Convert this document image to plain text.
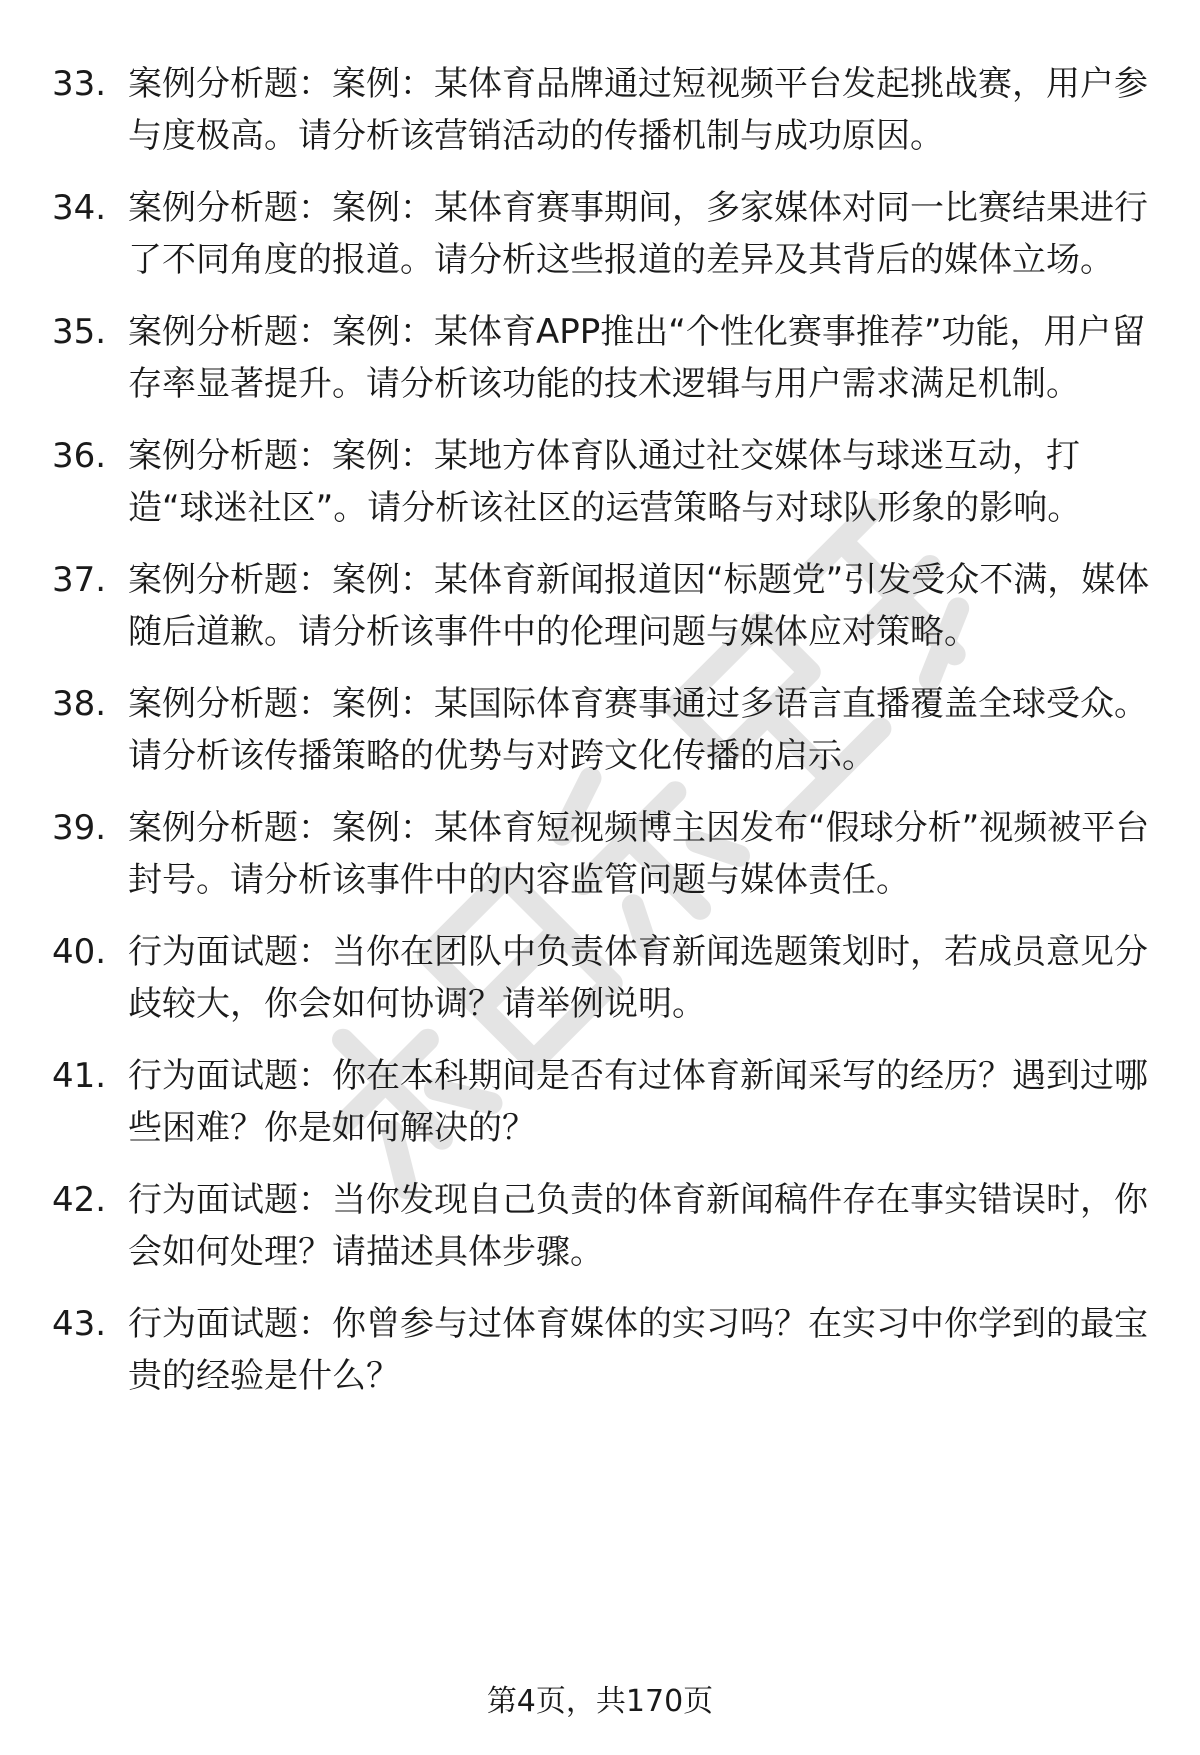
33. 案例分析题：案例：某体育品牌通过短视频平台发起挑战赛，用户参与度极高。请分析该营销活动的传播机制与成功原因。
34. 案例分析题：案例：某体育赛事期间，多家媒体对同一比赛结果进行了不同角度的报道。请分析这些报道的差异及其背后的媒体立场。
35. 案例分析题：案例：某体育APP推出“个性化赛事推荐”功能，用户留存率显著提升。请分析该功能的技术逻辑与用户需求满足机制。
36. 案例分析题：案例：某地方体育队通过社交媒体与球迷互动，打造“球迷社区”。请分析该社区的运营策略与对球队形象的影响。
37. 案例分析题：案例：某体育新闻报道因“标题党”引发受众不满，媒体随后道歉。请分析该事件中的伦理问题与媒体应对策略。
38. 案例分析题：案例：某国际体育赛事通过多语言直播覆盖全球受众。请分析该传播策略的优势与对跨文化传播的启示。
39. 案例分析题：案例：某体育短视频博主因发布“假球分析”视频被平台封号。请分析该事件中的内容监管问题与媒体责任。
40. 行为面试题：当你在团队中负责体育新闻选题策划时，若成员意见分歧较大，你会如何协调？请举例说明。
41. 行为面试题：你在本科期间是否有过体育新闻采写的经历？遇到过哪些困难？你是如何解决的？
42. 行为面试题：当你发现自己负责的体育新闻稿件存在事实错误时，你会如何处理？请描述具体步骤。
43. 行为面试题：你曾参与过体育媒体的实习吗？在实习中你学到的最宝贵的经验是什么？
第4页，共170页
